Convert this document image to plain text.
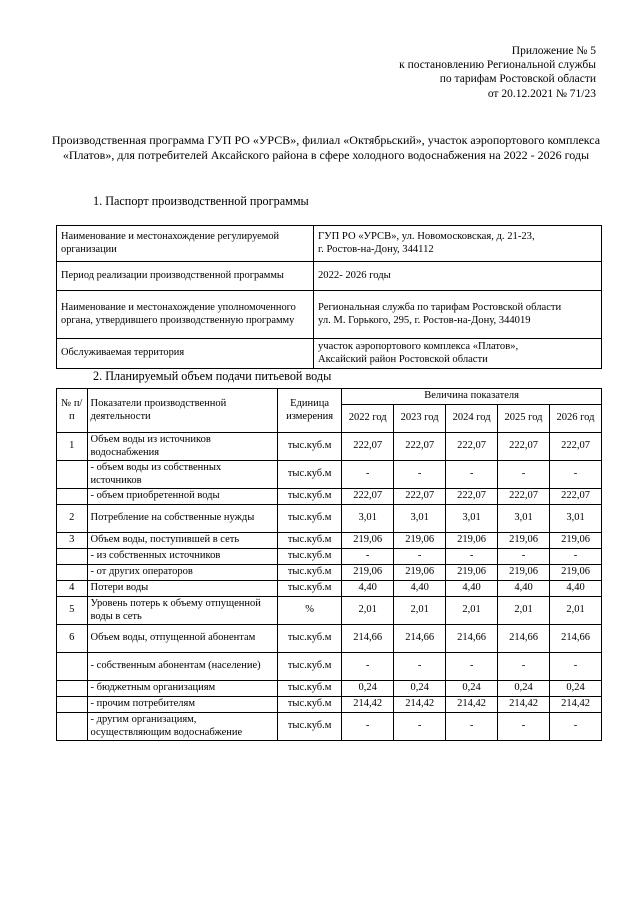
Приложение № 5
к постановлению Региональной службы
по тарифам Ростовской области
от 20.12.2021 № 71/23
Производственная программа ГУП РО «УРСВ», филиал «Октябрьский», участок аэропортового комплекса «Платов», для потребителей Аксайского района в сфере холодного водоснабжения на 2022 - 2026 годы
1. Паспорт производственной программы
Наименование и местонахождение регулируемой организации	ГУП РО «УРСВ», ул. Новомосковская, д. 21-23,
г. Ростов-на-Дону, 344112

Период реализации производственной программы	2022- 2026 годы

Наименование и местонахождение уполномоченного органа, утвердившего производственную программу	Региональная служба по тарифам Ростовской области
ул. М. Горького, 295, г. Ростов-на-Дону, 344019

Обслуживаемая территория	участок аэропортового комплекса «Платов»,
Аксайский район Ростовской области
2. Планируемый объем подачи питьевой воды
№ п/п	Показатели производственной деятельности	Единица измерения	Величина показателя				
			2022 год	2023 год	2024 год	2025 год	2026 год
1	Объем воды из источников водоснабжения	тыс.куб.м	222,07	222,07	222,07	222,07	222,07
	- объем воды из собственных источников	тыс.куб.м	-	-	-	-	-
	- объем приобретенной воды	тыс.куб.м	222,07	222,07	222,07	222,07	222,07
2	Потребление на собственные нужды	тыс.куб.м	3,01	3,01	3,01	3,01	3,01
3	Объем воды, поступившей в сеть	тыс.куб.м	219,06	219,06	219,06	219,06	219,06
	- из собственных источников	тыс.куб.м	-	-	-	-	-
	- от других операторов	тыс.куб.м	219,06	219,06	219,06	219,06	219,06
4	Потери воды	тыс.куб.м	4,40	4,40	4,40	4,40	4,40
5	Уровень потерь к объему отпущенной воды в сеть	%	2,01	2,01	2,01	2,01	2,01
6	Объем воды, отпущенной абонентам	тыс.куб.м	214,66	214,66	214,66	214,66	214,66
	- собственным абонентам (население)	тыс.куб.м	-	-	-	-	-
	- бюджетным организациям	тыс.куб.м	0,24	0,24	0,24	0,24	0,24
	- прочим потребителям	тыс.куб.м	214,42	214,42	214,42	214,42	214,42
	- другим организациям, осуществляющим водоснабжение	тыс.куб.м	-	-	-	-	-
